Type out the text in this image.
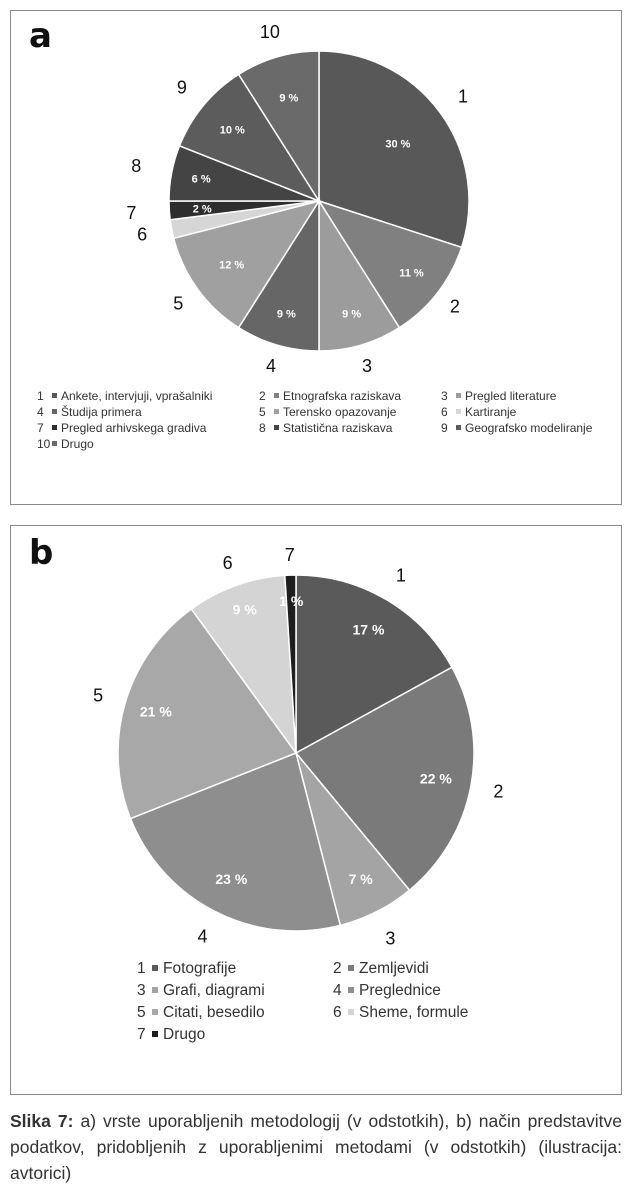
a
30 %
1
11 %
2
9 %
3
9 %
4
12 %
5
6
2 %
7
6 %
8
10 %
9
9 %
10
1 Ankete, intervjuji, vprašalniki	2 Etnografska raziskava	3 Pregled literature
4 Študija primera	5 Terensko opazovanje	6 Kartiranje
7 Pregled arhivskega gradiva	8 Statistična raziskava	9 Geografsko modeliranje
10 Drugo
b
17 %
1
22 %
2
7 %
3
23 %
4
21 %
5
9 %
6
1 %
7
1 Fotografije	2 Zemljevidi
3 Grafi, diagrami	4 Preglednice
5 Citati, besedilo	6 Sheme, formule
7 Drugo
Slika 7: a) vrste uporabljenih metodologij (v odstotkih), b) način predstavitve podatkov, pridobljenih z uporabljenimi metodami (v odstotkih) (ilustracija: avtorici)
